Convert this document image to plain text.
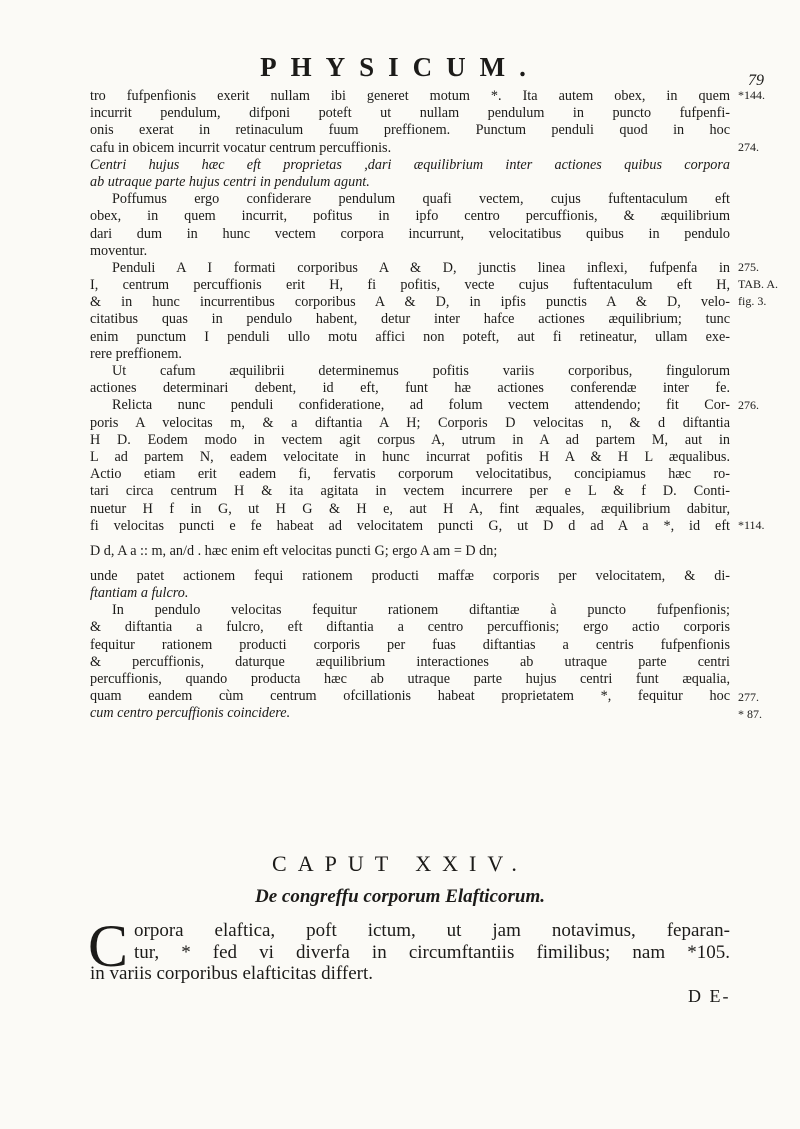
PHYSICUM.	79
tro fufpenfionis exerit nullam ibi generet motum *. Ita autem obex, in quem
incurrit pendulum, difponi poteft ut nullam pendulum in puncto fufpenfi-
onis exerat in retinaculum fuum preffionem. Punctum penduli quod in hoc
cafu in obicem incurrit vocatur centrum percuffionis.
Centri hujus hæc eft proprietas ,dari æquilibrium inter actiones quibus corpora
ab utraque parte hujus centri in pendulum agunt.
Poffumus ergo confiderare pendulum quafi vectem, cujus fuftentaculum eft
obex, in quem incurrit, pofitus in ipfo centro percuffionis, & æquilibrium
dari dum in hunc vectem corpora incurrunt, velocitatibus quibus in pendulo
moventur.
Penduli A I formati corporibus A & D, junctis linea inflexi, fufpenfa in
I, centrum percuffionis erit H, fi pofitis, vecte cujus fuftentaculum eft H,
& in hunc incurrentibus corporibus A & D, in ipfis punctis A & D, velo-
citatibus quas in pendulo habent, detur inter hafce actiones æquilibrium; tunc
enim punctum I penduli ullo motu affici non poteft, aut fi retineatur, ullam exe-
rere preffionem.
Ut cafum æquilibrii determinemus pofitis variis corporibus, fingulorum
actiones determinari debent, id eft, funt hæ actiones conferendæ inter fe.
Relicta nunc penduli confideratione, ad folum vectem attendendo; fit Cor-
poris A velocitas m, & a diftantia A H; Corporis D velocitas n, & d diftantia
H D. Eodem modo in vectem agit corpus A, utrum in A ad partem M, aut in
L ad partem N, eadem velocitate in hunc incurrat pofitis H A & H L æqualibus.
Actio etiam erit eadem fi, fervatis corporum velocitatibus, concipiamus hæc ro-
tari circa centrum H & ita agitata in vectem incurrere per e L & f D. Conti-
nuetur H f in G, ut H G & H e, aut H A, fint æquales, æquilibrium dabitur,
fi velocitas puncti e fe habeat ad velocitatem puncti G, ut D d ad A a *, id eft
D d, A a :: m, an/d . hæc enim eft velocitas puncti G; ergo A am = D dn;
unde patet actionem fequi rationem producti maffæ corporis per velocitatem, & di-
ftantiam a fulcro.
In pendulo velocitas fequitur rationem diftantiæ à puncto fufpenfionis;
& diftantia a fulcro, eft diftantia a centro percuffionis; ergo actio corporis
fequitur rationem producti corporis per fuas diftantias a centris fufpenfionis
& percuffionis, daturque æquilibrium interactiones ab utraque parte centri
percuffionis, quando producta hæc ab utraque parte hujus centri funt æqualia,
quam eandem cùm centrum ofcillationis habeat proprietatem *, fequitur hoc
cum centro percuffionis coincidere.
*144.
274.
275.
TAB. A.
fig. 3.
276.
*114.
277.
* 87.
CAPUT XXIV.
De congreffu corporum Elafticorum.
C orpora elaftica, poft ictum, ut jam notavimus, feparan-
tur, * fed vi diverfa in circumftantiis fimilibus; nam *105.
in variis corporibus elafticitas differt.
D E-
